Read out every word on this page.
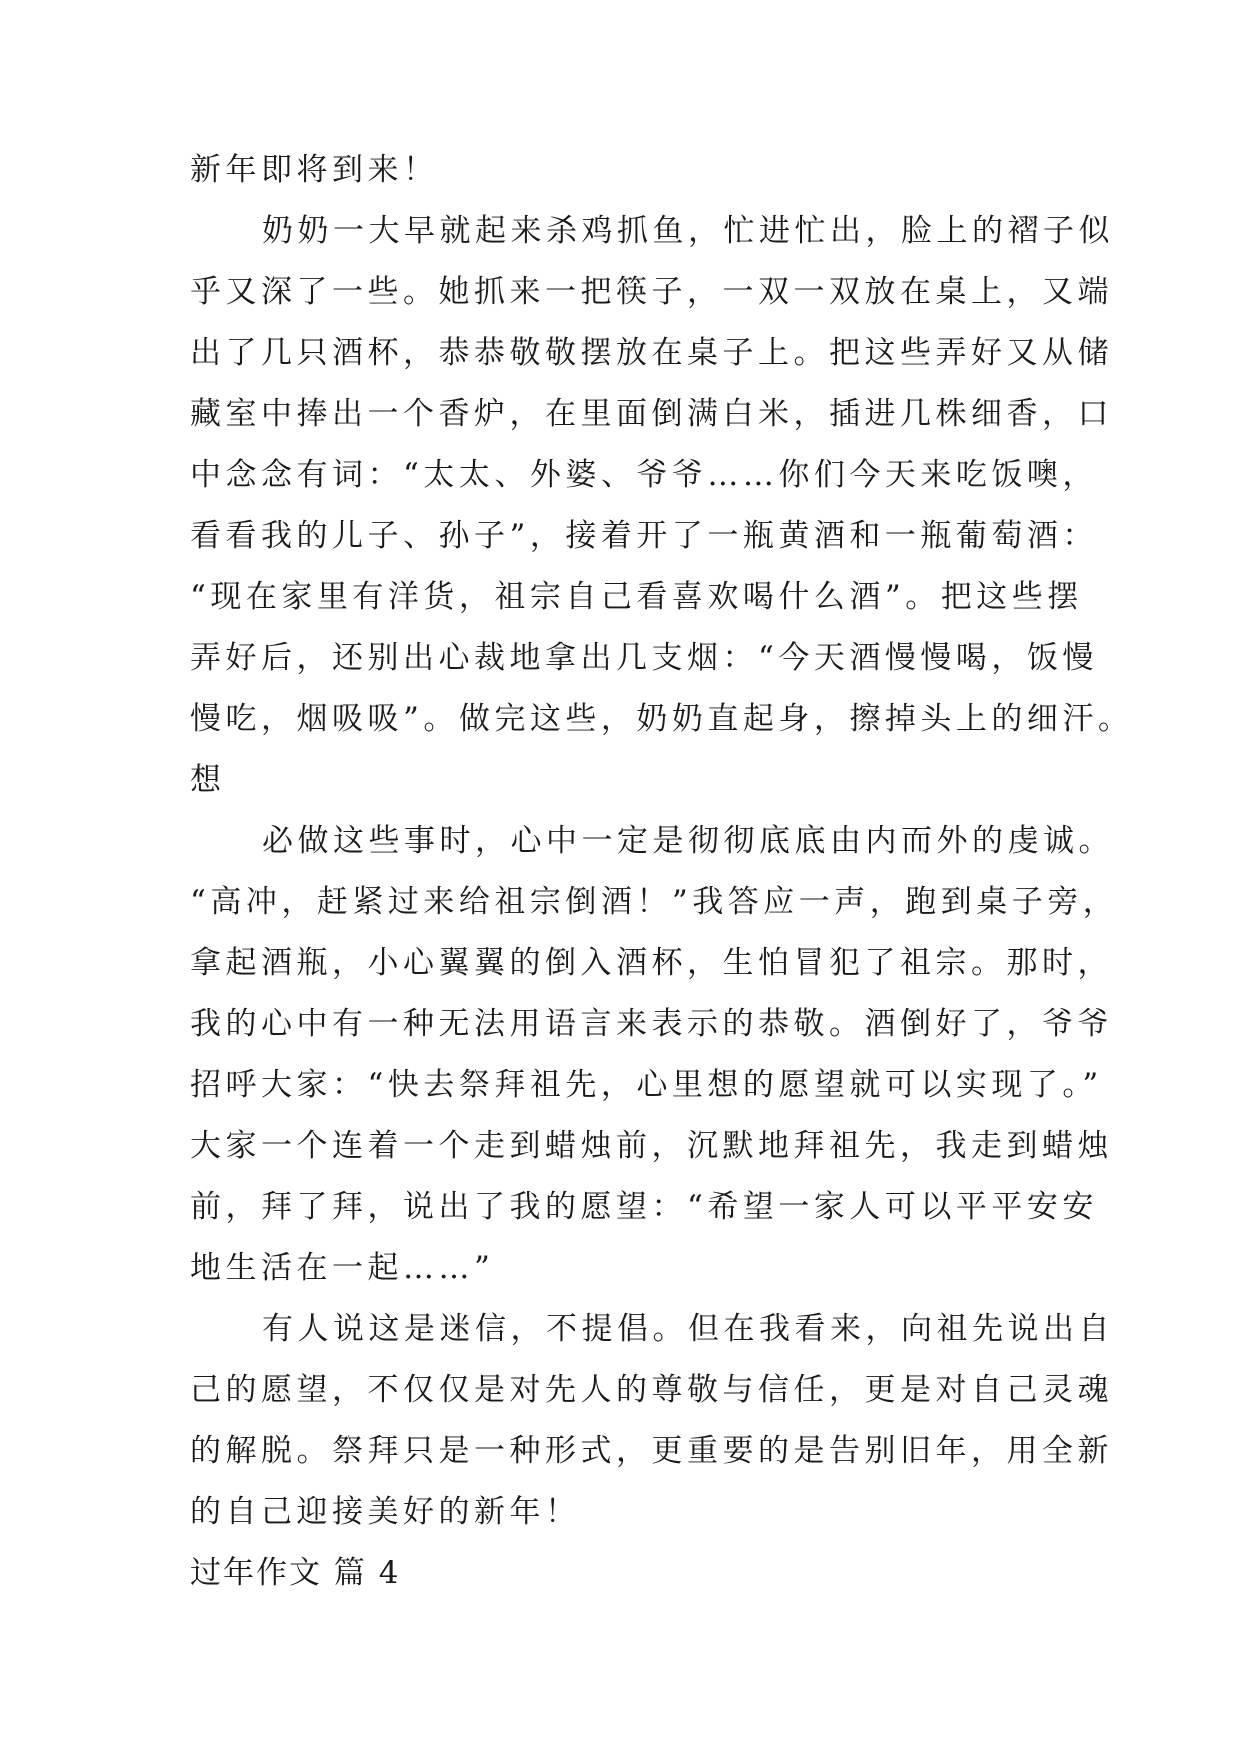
新年即将到来！
奶奶一大早就起来杀鸡抓鱼，忙进忙出，脸上的褶子似
乎又深了一些。她抓来一把筷子，一双一双放在桌上，又端
出了几只酒杯，恭恭敬敬摆放在桌子上。把这些弄好又从储
藏室中捧出一个香炉，在里面倒满白米，插进几株细香，口
中念念有词：“太太、外婆、爷爷……你们今天来吃饭噢，
看看我的儿子、孙子”，接着开了一瓶黄酒和一瓶葡萄酒：
“现在家里有洋货，祖宗自己看喜欢喝什么酒”。把这些摆
弄好后，还别出心裁地拿出几支烟：“今天酒慢慢喝，饭慢
慢吃，烟吸吸”。做完这些，奶奶直起身，擦掉头上的细汗。
想
必做这些事时，心中一定是彻彻底底由内而外的虔诚。
“高冲，赶紧过来给祖宗倒酒！”我答应一声，跑到桌子旁，
拿起酒瓶，小心翼翼的倒入酒杯，生怕冒犯了祖宗。那时，
我的心中有一种无法用语言来表示的恭敬。酒倒好了，爷爷
招呼大家：“快去祭拜祖先，心里想的愿望就可以实现了。”
大家一个连着一个走到蜡烛前，沉默地拜祖先，我走到蜡烛
前，拜了拜，说出了我的愿望：“希望一家人可以平平安安
地生活在一起……”
有人说这是迷信，不提倡。但在我看来，向祖先说出自
己的愿望，不仅仅是对先人的尊敬与信任，更是对自己灵魂
的解脱。祭拜只是一种形式，更重要的是告别旧年，用全新
的自己迎接美好的新年！
过年作文 篇 4
